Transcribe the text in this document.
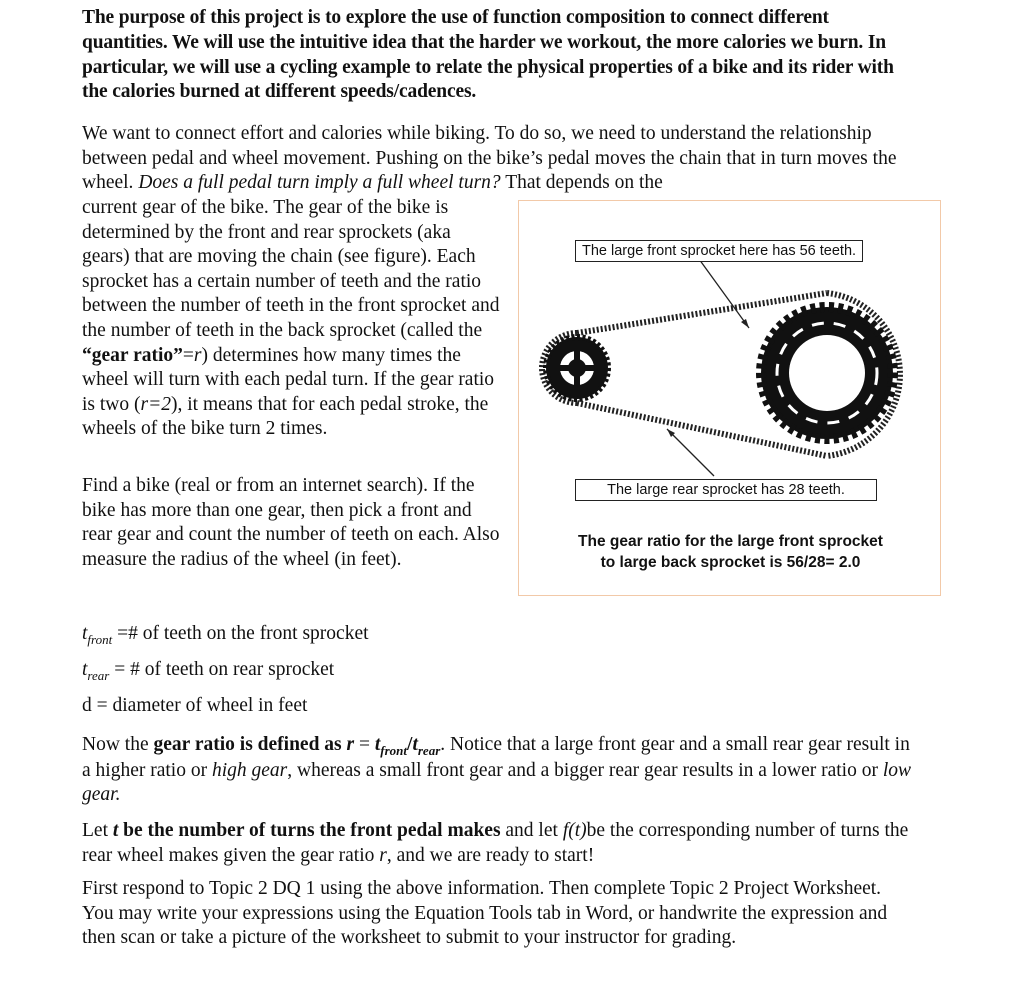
The purpose of this project is to explore the use of function composition to connect different quantities. We will use the intuitive idea that the harder we workout, the more calories we burn. In particular, we will use a cycling example to relate the physical properties of a bike and its rider with the calories burned at different speeds/cadences.

We want to connect effort and calories while biking. To do so, we need to understand the relationship between pedal and wheel movement. Pushing on the bike’s pedal moves the chain that in turn moves the wheel. Does a full pedal turn imply a full wheel turn? That depends on the

current gear of the bike. The gear of the bike is determined by the front and rear sprockets (aka gears) that are moving the chain (see figure). Each sprocket has a certain number of teeth and the ratio between the number of teeth in the front sprocket and the number of teeth in the back sprocket (called the “gear ratio”=r) determines how many times the wheel will turn with each pedal turn. If the gear ratio is two (r=2), it means that for each pedal stroke, the wheels of the bike turn 2 times.

Find a bike (real or from an internet search). If the bike has more than one gear, then pick a front and rear gear and count the number of teeth on each. Also measure the radius of the wheel (in feet).

The large front sprocket here has 56 teeth.
The large rear sprocket has 28 teeth.
The gear ratio for the large front sprocket
to large back sprocket is 56/28= 2.0
$t_{front}$ =# of teeth on the front sprocket
$t_{rear}$ = # of teeth on rear sprocket
d = diameter of wheel in feet

Now the gear ratio is defined as $r = t_{front}/t_{rear}$. Notice that a large front gear and a small rear gear result in a higher ratio or high gear, whereas a small front gear and a bigger rear gear results in a lower ratio or low gear.

Let t be the number of turns the front pedal makes and let f(t)be the corresponding number of turns the rear wheel makes given the gear ratio r, and we are ready to start!

First respond to Topic 2 DQ 1 using the above information. Then complete Topic 2 Project Worksheet. You may write your expressions using the Equation Tools tab in Word, or handwrite the expression and then scan or take a picture of the worksheet to submit to your instructor for grading.
